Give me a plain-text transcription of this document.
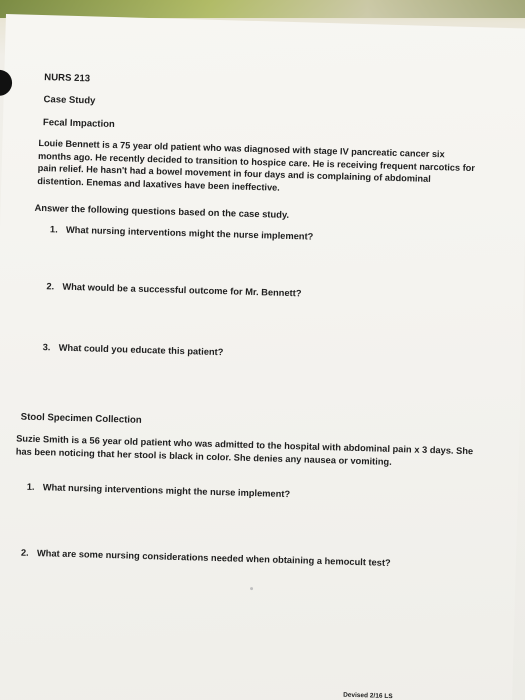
NURS 213
Case Study
Fecal Impaction
Louie Bennett is a 75 year old patient who was diagnosed with stage IV pancreatic cancer six months ago. He recently decided to transition to hospice care. He is receiving frequent narcotics for pain relief. He hasn't had a bowel movement in four days and is complaining of abdominal distention. Enemas and laxatives have been ineffective.
Answer the following questions based on the case study.
1. What nursing interventions might the nurse implement?
2. What would be a successful outcome for Mr. Bennett?
3. What could you educate this patient?
Stool Specimen Collection
Suzie Smith is a 56 year old patient who was admitted to the hospital with abdominal pain x 3 days. She has been noticing that her stool is black in color. She denies any nausea or vomiting.
1. What nursing interventions might the nurse implement?
2. What are some nursing considerations needed when obtaining a hemocult test?
Devised 2/16 LS
